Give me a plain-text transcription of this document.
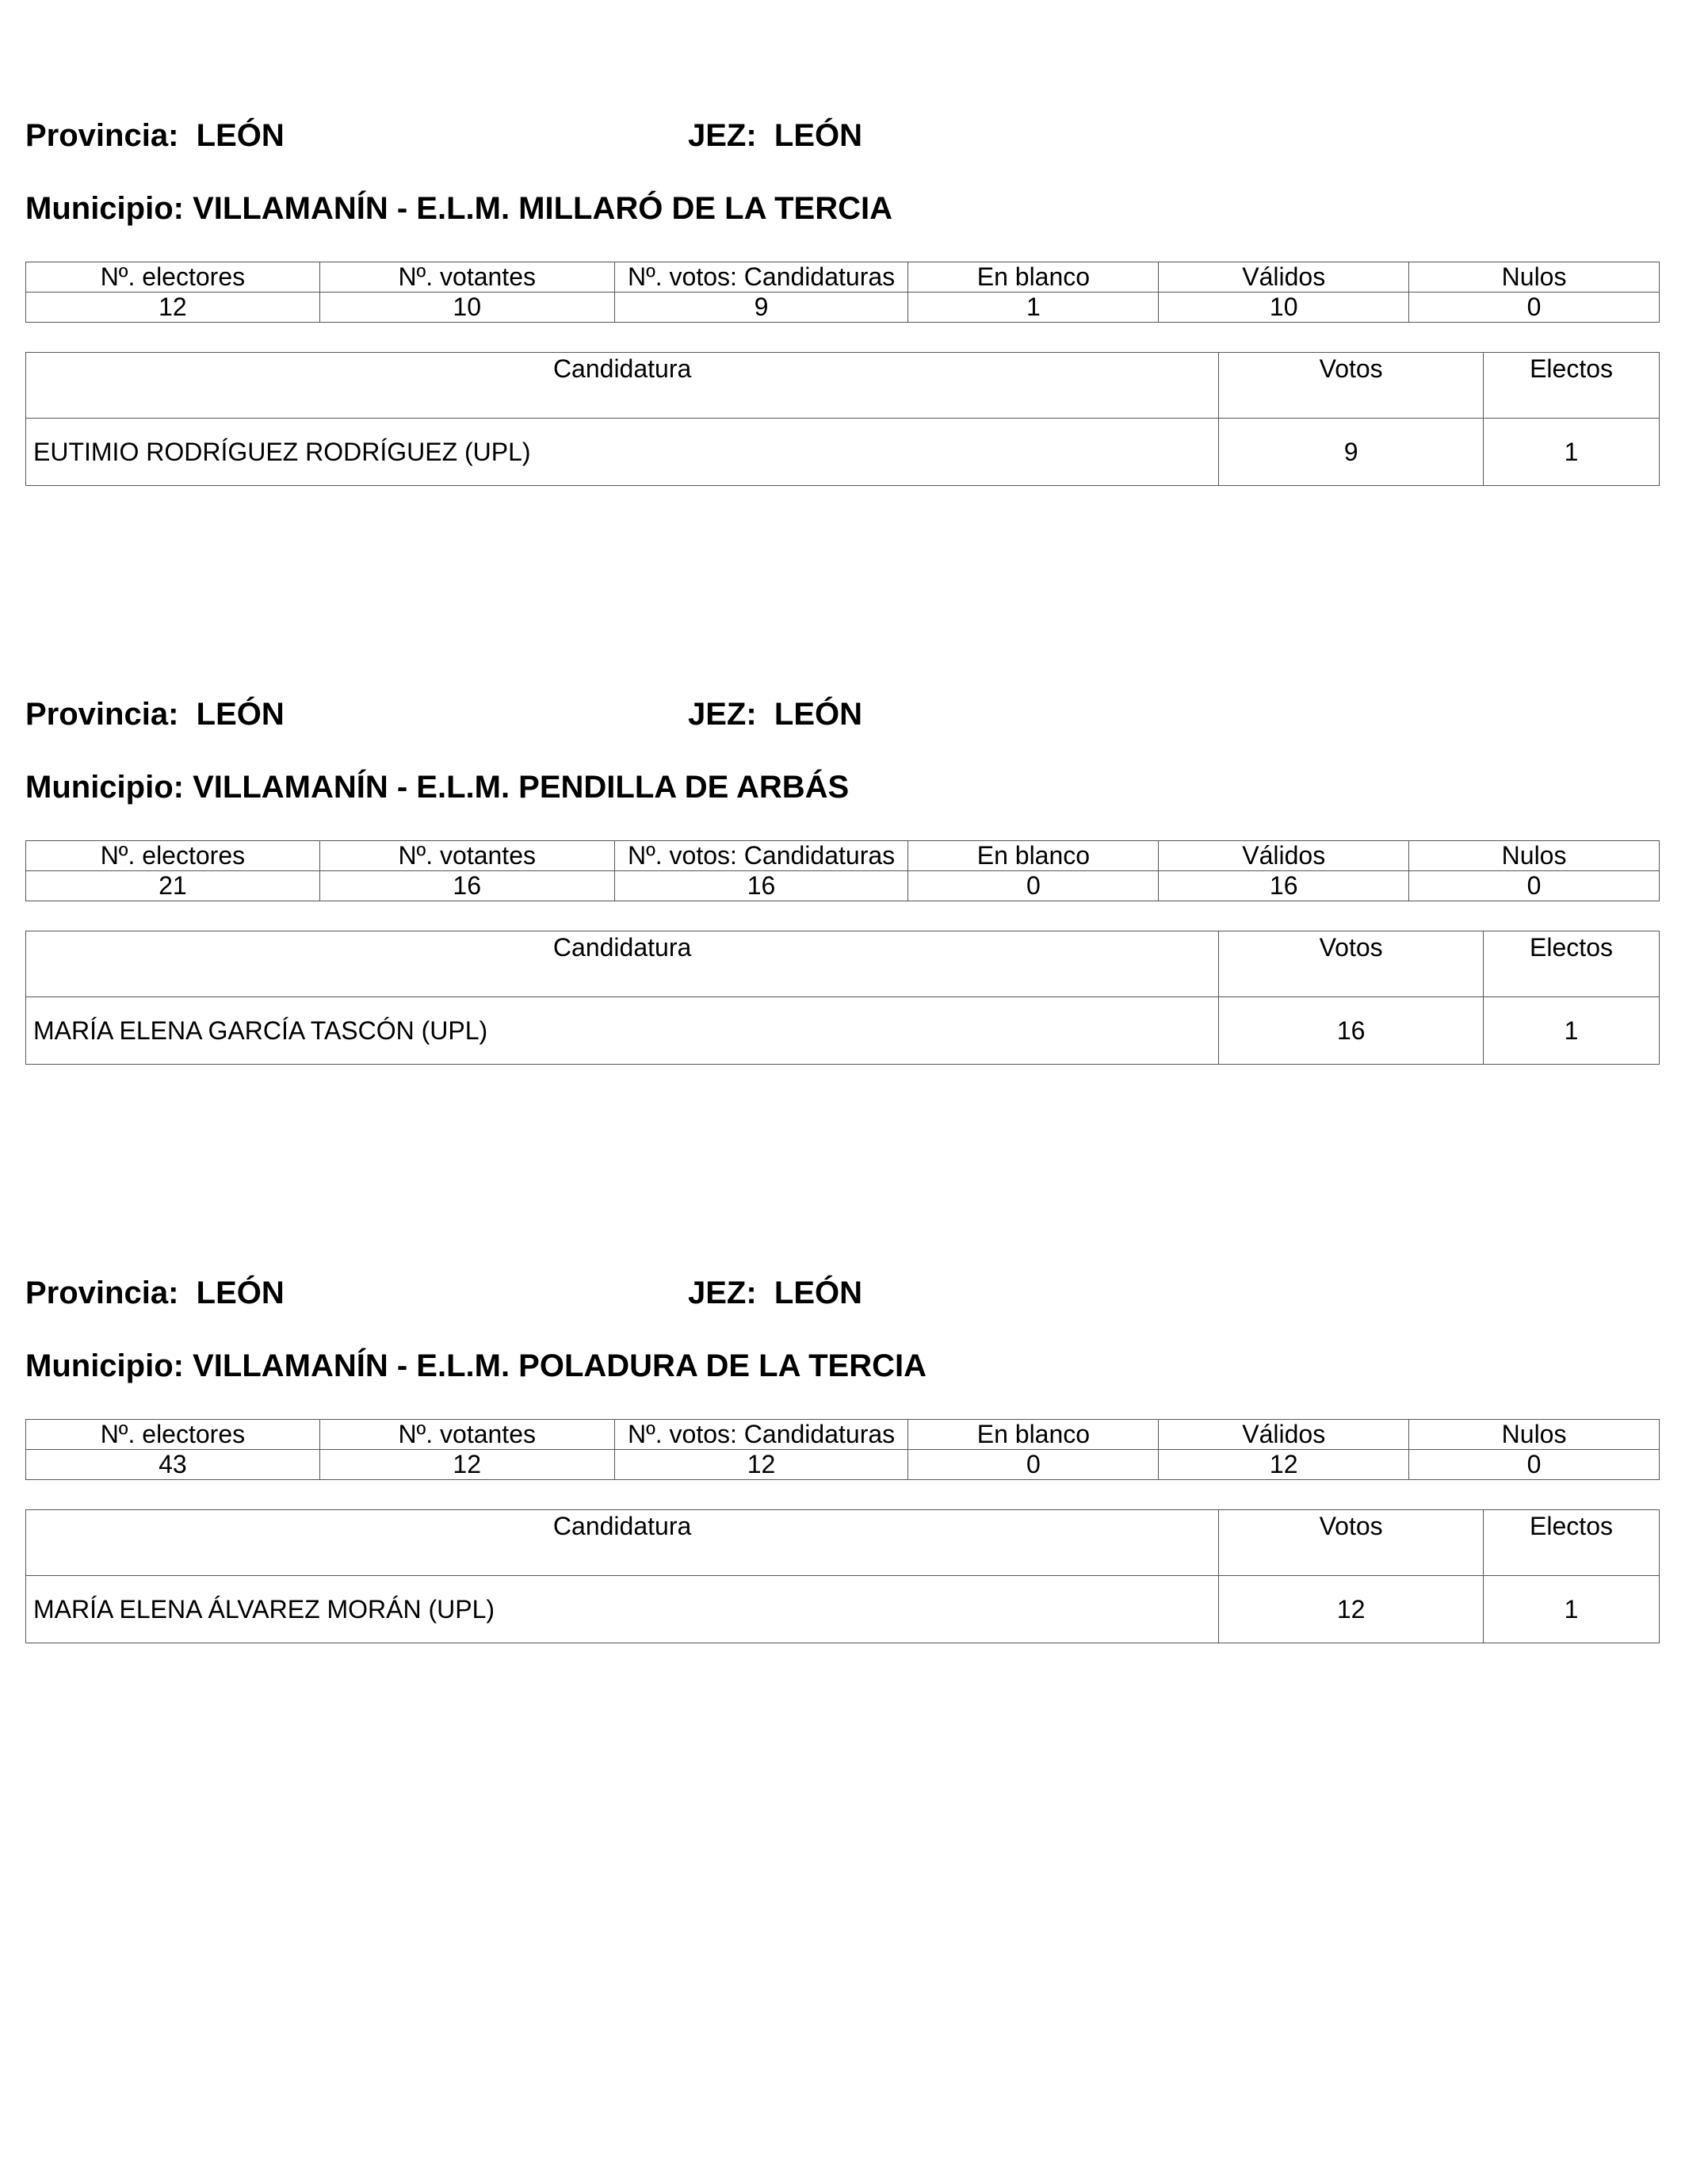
Provincia: LEÓN	JEZ: LEÓN
Municipio: VILLAMANÍN - E.L.M. MILLARÓ DE LA TERCIA
Nº. electores	Nº. votantes	Nº. votos: Candidaturas	En blanco	Válidos	Nulos
12	10	9	1	10	0
Candidatura	Votos	Electos
EUTIMIO RODRÍGUEZ RODRÍGUEZ (UPL)	9	1
Provincia: LEÓN	JEZ: LEÓN
Municipio: VILLAMANÍN - E.L.M. PENDILLA DE ARBÁS
Nº. electores	Nº. votantes	Nº. votos: Candidaturas	En blanco	Válidos	Nulos
21	16	16	0	16	0
Candidatura	Votos	Electos
MARÍA ELENA GARCÍA TASCÓN (UPL)	16	1
Provincia: LEÓN	JEZ: LEÓN
Municipio: VILLAMANÍN - E.L.M. POLADURA DE LA TERCIA
Nº. electores	Nº. votantes	Nº. votos: Candidaturas	En blanco	Válidos	Nulos
43	12	12	0	12	0
Candidatura	Votos	Electos
MARÍA ELENA ÁLVAREZ MORÁN (UPL)	12	1
